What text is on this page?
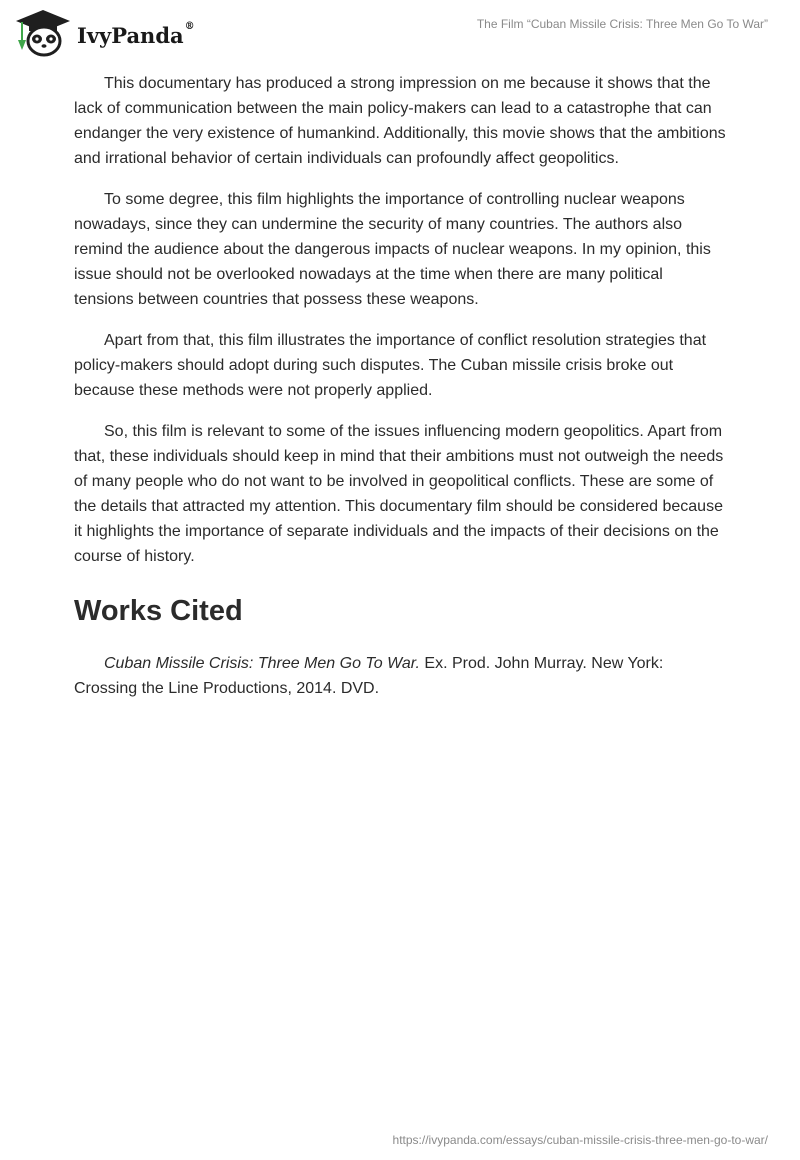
IvyPanda®	The Film “Cuban Missile Crisis: Three Men Go To War”

This documentary has produced a strong impression on me because it shows that the lack of communication between the main policy-makers can lead to a catastrophe that can endanger the very existence of humankind. Additionally, this movie shows that the ambitions and irrational behavior of certain individuals can profoundly affect geopolitics.

To some degree, this film highlights the importance of controlling nuclear weapons nowadays, since they can undermine the security of many countries. The authors also remind the audience about the dangerous impacts of nuclear weapons. In my opinion, this issue should not be overlooked nowadays at the time when there are many political tensions between countries that possess these weapons.

Apart from that, this film illustrates the importance of conflict resolution strategies that policy-makers should adopt during such disputes. The Cuban missile crisis broke out because these methods were not properly applied.

So, this film is relevant to some of the issues influencing modern geopolitics. Apart from that, these individuals should keep in mind that their ambitions must not outweigh the needs of many people who do not want to be involved in geopolitical conflicts. These are some of the details that attracted my attention. This documentary film should be considered because it highlights the importance of separate individuals and the impacts of their decisions on the course of history.

Works Cited

Cuban Missile Crisis: Three Men Go To War. Ex. Prod. John Murray. New York: Crossing the Line Productions, 2014. DVD.

https://ivypanda.com/essays/cuban-missile-crisis-three-men-go-to-war/
